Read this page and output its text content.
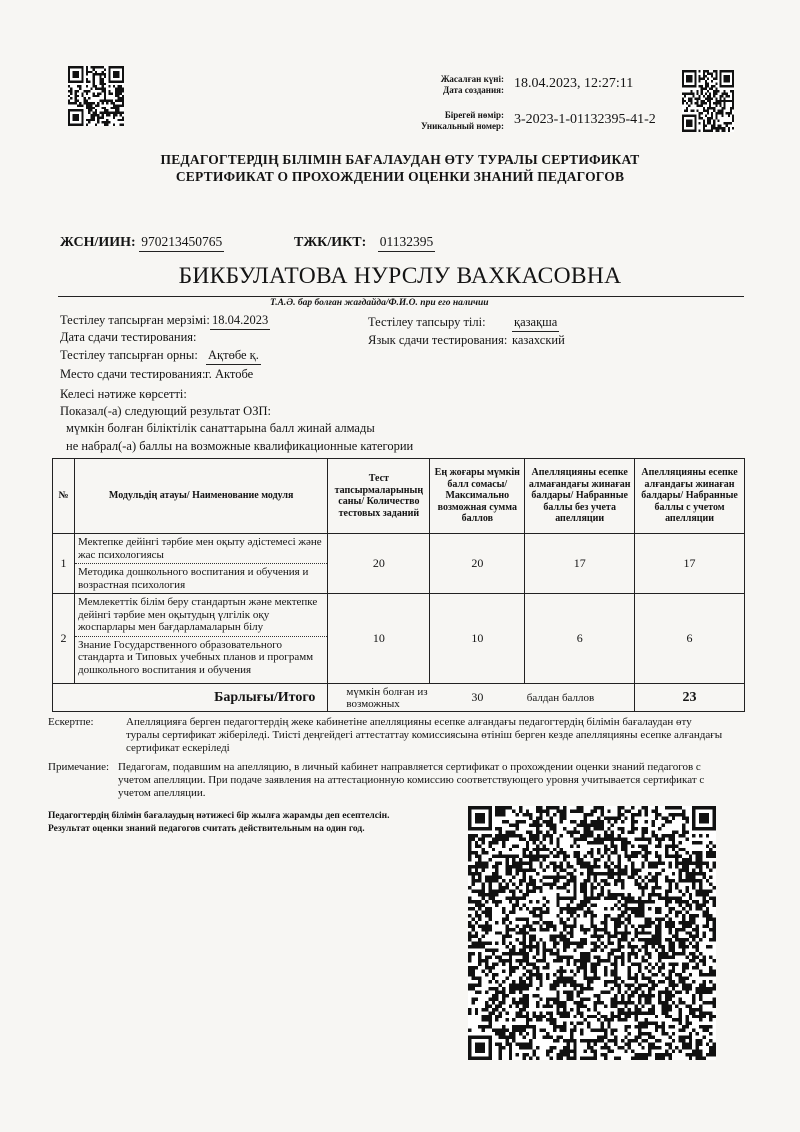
Жасалған күні:
Дата создания: 18.04.2023, 12:27:11
Бірегей нөмір:
Уникальный номер: 3-2023-1-01132395-41-2
ПЕДАГОГТЕРДІҢ БІЛІМІН БАҒАЛАУДАН ӨТУ ТУРАЛЫ СЕРТИФИКАТ
СЕРТИФИКАТ О ПРОХОЖДЕНИИ ОЦЕНКИ ЗНАНИЙ ПЕДАГОГОВ
ЖСН/ИИН: 970213450765	ТЖК/ИКТ: 01132395
БИКБУЛАТОВА НУРСЛУ ВАХКАСОВНА
Т.А.Ә. бар болған жағдайда/Ф.И.О. при его наличии
Тестілеу тапсырған мерзімі: 18.04.2023
Дата сдачи тестирования:
Тестілеу тапсырған орны: Ақтөбе қ.
Место сдачи тестирования: г. Актобе
Тестілеу тапсыру тілі: қазақша
Язык сдачи тестирования: казахский
Келесі нәтиже көрсетті:
Показал(-а) следующий результат ОЗП:
мүмкін болған біліктілік санаттарына балл жинай алмады
не набрал(-а) баллы на возможные квалификационные категории
№	Модульдің атауы/ Наименование модуля	Тест тапсырмаларының саны/ Количество тестовых заданий	Ең жоғары мүмкін балл сомасы/ Максимально возможная сумма баллов	Апелляцияны есепке алмағандағы жинаған балдары/ Набранные баллы без учета апелляции	Апелляцияны есепке алғандағы жинаған балдары/ Набранные баллы с учетом апелляции
1	Мектепке дейінгі тәрбие мен оқыту әдістемесі және жас психологиясы
Методика дошкольного воспитания и обучения и возрастная психология	20	20	17	17
2	Мемлекеттік білім беру стандартын және мектепке дейінгі тәрбие мен оқытудың үлгілік оқу жоспарлары мен бағдарламаларын білу
Знание Государственного образовательного стандарта и Типовых учебных планов и программ дошкольного воспитания и обучения	10	10	6	6
Барлығы/Итого		мүмкін болған из возможных	30	балдан баллов	23
Ескертпе:	Апелляцияға берген педагогтердің жеке кабинетіне апелляцияны есепке алғандағы педагогтердің білімін бағалаудан өту туралы сертификат жіберіледі. Тиісті деңгейдегі аттестаттау комиссиясына өтініш берген кезде апелляцияны есепке алғандағы сертификат ескеріледі
Примечание: Педагогам, подавшим на апелляцию, в личный кабинет направляется сертификат о прохождении оценки знаний педагогов с учетом апелляции. При подаче заявления на аттестационную комиссию соответствующего уровня учитывается сертификат с учетом апелляции.
Педагогтердің білімін бағалаудың нәтижесі бір жылға жарамды деп есептелсін.
Результат оценки знаний педагогов считать действительным на один год.
